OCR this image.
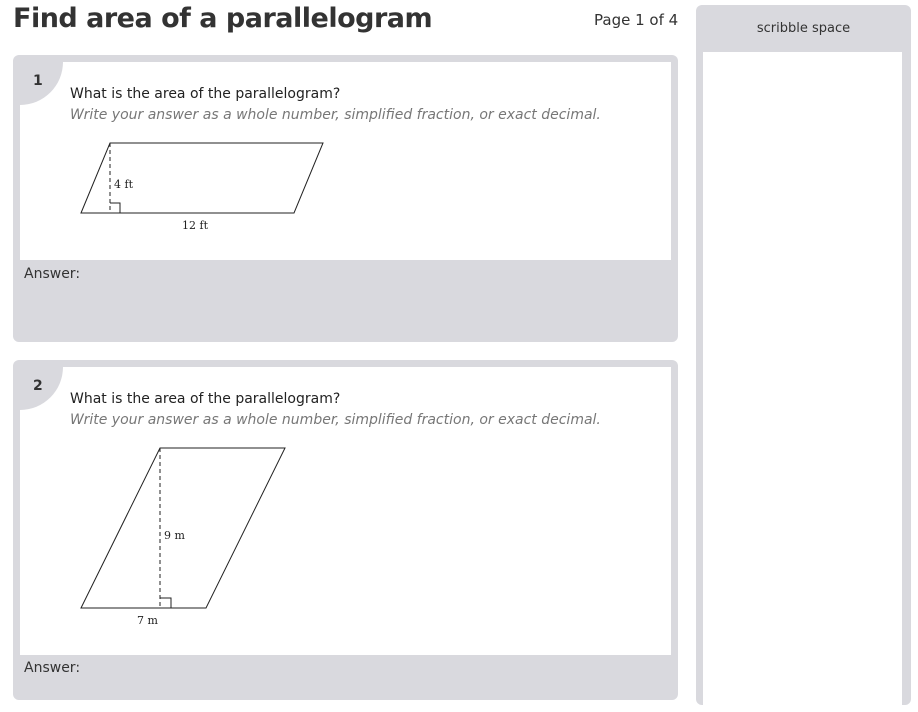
Find area of a parallelogram	Page 1 of 4
1
What is the area of the parallelogram?
Write your answer as a whole number, simplified fraction, or exact decimal.
4 ft
12 ft
Answer:
2
What is the area of the parallelogram?
Write your answer as a whole number, simplified fraction, or exact decimal.
9 m
7 m
Answer:
scribble space
